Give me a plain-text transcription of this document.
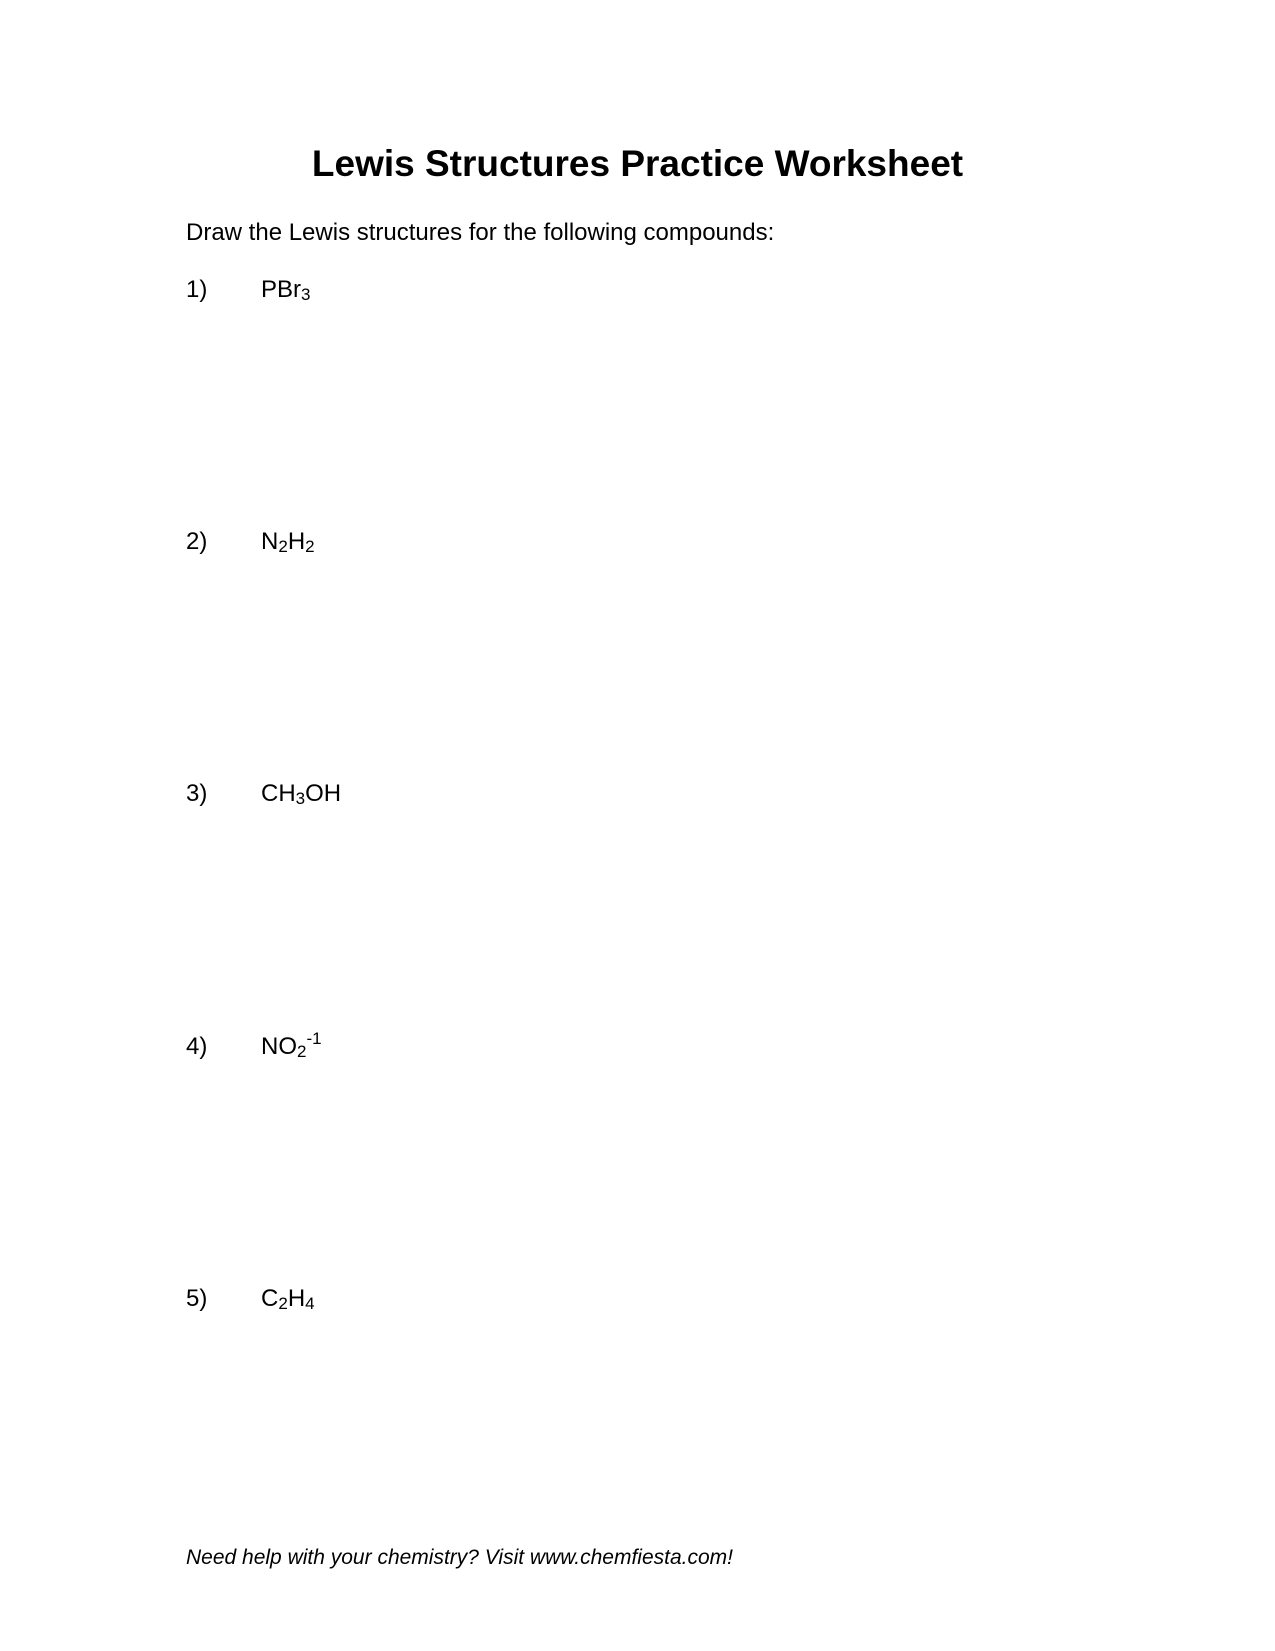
Lewis Structures Practice Worksheet

Draw the Lewis structures for the following compounds:

1) PBr3
2) N2H2
3) CH3OH
4) $NO2^{-1}$
5) C2H4

Need help with your chemistry? Visit www.chemfiesta.com!
